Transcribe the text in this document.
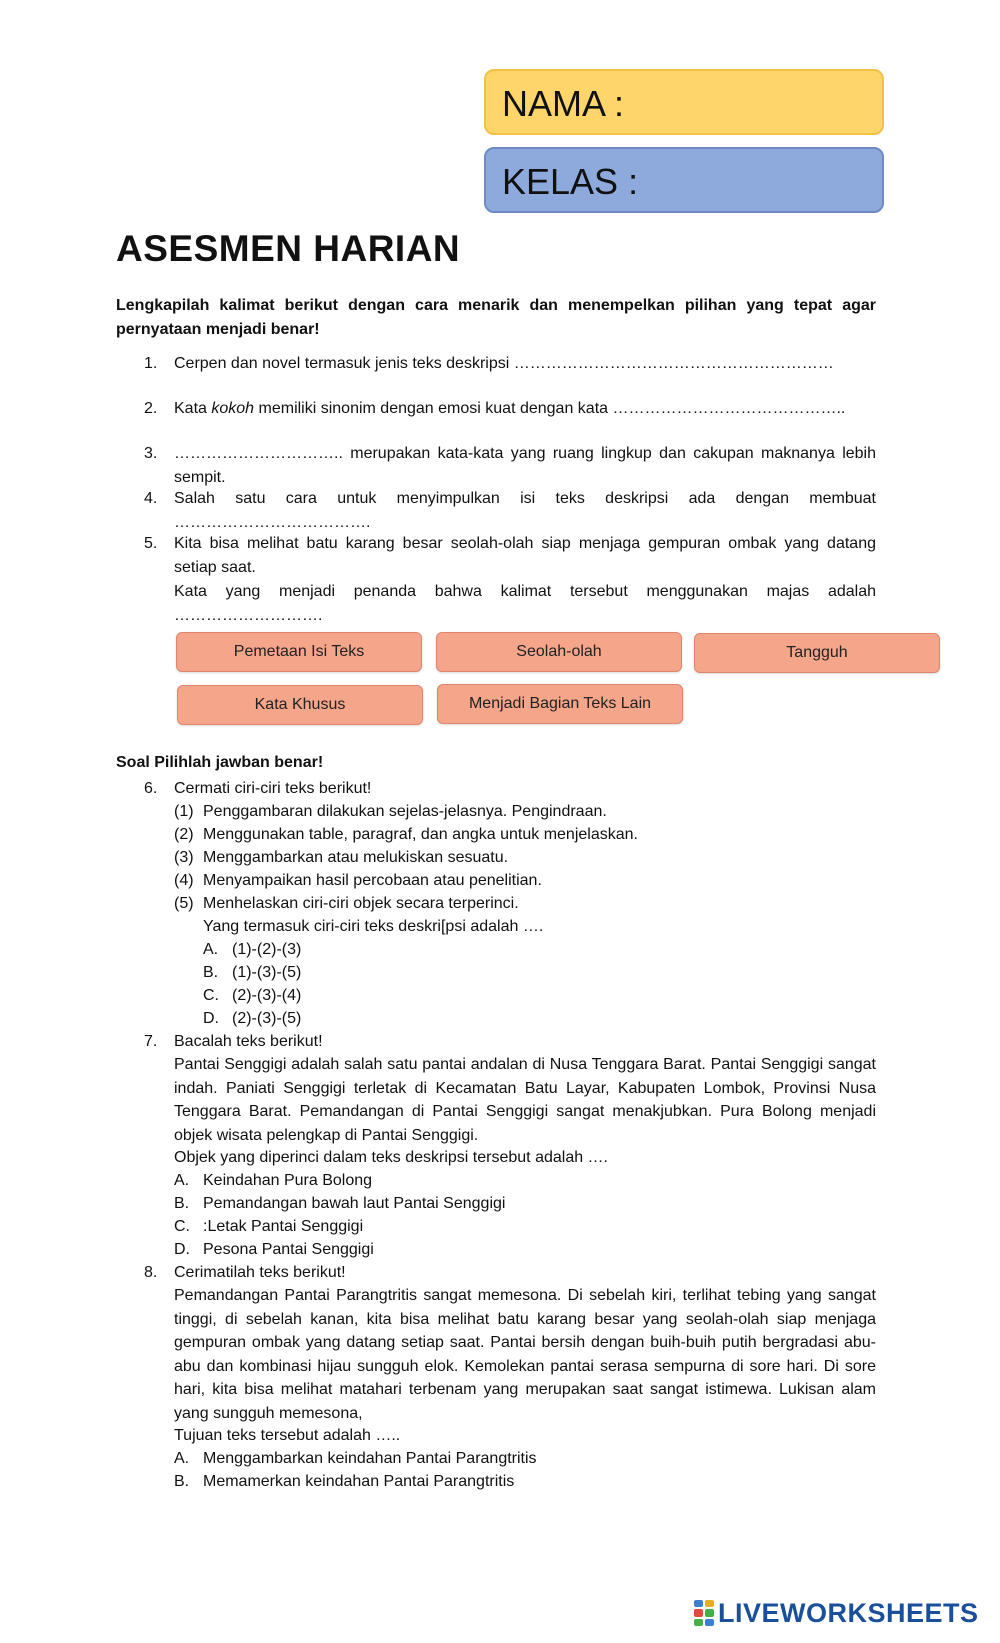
NAMA :
KELAS :
ASESMEN HARIAN
Lengkapilah kalimat berikut dengan cara menarik dan menempelkan pilihan yang tepat agar pernyataan menjadi benar!
1. Cerpen dan novel termasuk jenis teks deskripsi ……………………………………………………
2. Kata kokoh memiliki sinonim dengan emosi kuat dengan kata ……………………………………..
3. ………………………….. merupakan kata-kata yang ruang lingkup dan cakupan maknanya lebih sempit.
4. Salah satu cara untuk menyimpulkan isi teks deskripsi ada dengan membuat ……………………………….
5. Kita bisa melihat batu karang besar seolah-olah siap menjaga gempuran ombak yang datang setiap saat.
Kata yang menjadi penanda bahwa kalimat tersebut menggunakan majas adalah ……………………….
Pemetaan Isi Teks	Seolah-olah	Tangguh
Kata Khusus	Menjadi Bagian Teks Lain
Soal Pilihlah jawban benar!
6. Cermati ciri-ciri teks berikut!
(1) Penggambaran dilakukan sejelas-jelasnya. Pengindraan.
(2) Menggunakan table, paragraf, dan angka untuk menjelaskan.
(3) Menggambarkan atau melukiskan sesuatu.
(4) Menyampaikan hasil percobaan atau penelitian.
(5) Menhelaskan ciri-ciri objek secara terperinci.
Yang termasuk ciri-ciri teks deskri[psi adalah ….
A. (1)-(2)-(3)
B. (1)-(3)-(5)
C. (2)-(3)-(4)
D. (2)-(3)-(5)
7. Bacalah teks berikut!
Pantai Senggigi adalah salah satu pantai andalan di Nusa Tenggara Barat. Pantai Senggigi sangat indah. Paniati Senggigi terletak di Kecamatan Batu Layar, Kabupaten Lombok, Provinsi Nusa Tenggara Barat. Pemandangan di Pantai Senggigi sangat menakjubkan. Pura Bolong menjadi objek wisata pelengkap di Pantai Senggigi.
Objek yang diperinci dalam teks deskripsi tersebut adalah ….
A. Keindahan Pura Bolong
B. Pemandangan bawah laut Pantai Senggigi
C. :Letak Pantai Senggigi
D. Pesona Pantai Senggigi
8. Cerimatilah teks berikut!
Pemandangan Pantai Parangtritis sangat memesona. Di sebelah kiri, terlihat tebing yang sangat tinggi, di sebelah kanan, kita bisa melihat batu karang besar yang seolah-olah siap menjaga gempuran ombak yang datang setiap saat. Pantai bersih dengan buih-buih putih bergradasi abu-abu dan kombinasi hijau sungguh elok. Kemolekan pantai serasa sempurna di sore hari. Di sore hari, kita bisa melihat matahari terbenam yang merupakan saat sangat istimewa. Lukisan alam yang sungguh memesona,
Tujuan teks tersebut adalah …..
A. Menggambarkan keindahan Pantai Parangtritis
B. Memamerkan keindahan Pantai Parangtritis
LIVEWORKSHEETS
